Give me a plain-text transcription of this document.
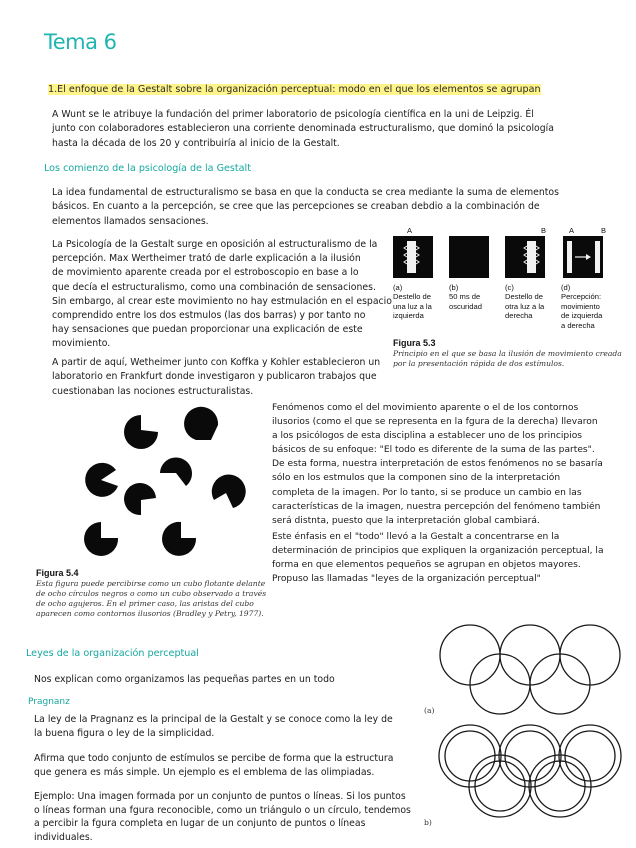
Tema 6
1.El enfoque de la Gestalt sobre la organización perceptual: modo en el que los elementos se agrupan
A Wunt se le atribuye la fundación del primer laboratorio de psicología científica en la uni de Leipzig. Él
junto con colaboradores establecieron una corriente denominada estructuralismo, que dominó la psicología
hasta la década de los 20 y contribuiría al inicio de la Gestalt.
Los comienzo de la psicología de la Gestalt
La idea fundamental de estructuralismo se basa en que la conducta se crea mediante la suma de elementos
básicos. En cuanto a la percepción, se cree que las percepciones se creaban debdio a la combinación de
elementos llamados sensaciones.
La Psicología de la Gestalt surge en oposición al estructuralismo de la
percepción. Max Wertheimer trató de darle explicación a la ilusión
de movimiento aparente creada por el estroboscopio en base a lo
que decía el estructuralismo, como una combinación de sensaciones.
Sin embargo, al crear este movimiento no hay estmulación en el espacio
comprendido entre los dos estmulos (las dos barras) y por tanto no
hay sensaciones que puedan proporcionar una explicación de este
movimiento.
A partir de aquí, Wetheimer junto con Koffka y Kohler establecieron un
laboratorio en Frankfurt donde investigaron y publicaron trabajos que
cuestionaban las nociones estructuralistas.
A	B	A	B
(a)
Destello de
una luz a la
izquierda
(b)
50 ms de
oscuridad
(c)
Destello de
otra luz a la
derecha
(d)
Percepción:
movimiento
de izquierda
a derecha
Figura 5.3
Principio en el que se basa la ilusión de movimiento creada
por la presentación rápida de dos estímulos.
Figura 5.4
Esta figura puede percibirse como un cubo flotante delante
de ocho círculos negros o como un cubo observado a través
de ocho agujeros. En el primer caso, las aristas del cubo
aparecen como contornos ilusorios (Bradley y Petry, 1977).
Fenómenos como el del movimiento aparente o el de los contornos
ilusorios (como el que se representa en la fgura de la derecha) llevaron
a los psicólogos de esta disciplina a establecer uno de los principios
básicos de su enfoque: "El todo es diferente de la suma de las partes".
De esta forma, nuestra interpretación de estos fenómenos no se basaría
sólo en los estmulos que la componen sino de la interpretación
completa de la imagen. Por lo tanto, si se produce un cambio en las
características de la imagen, nuestra percepción del fenómeno también
será distnta, puesto que la interpretación global cambiará.
Este énfasis en el "todo" llevó a la Gestalt a concentrarse en la
determinación de principios que expliquen la organización perceptual, la
forma en que elementos pequeños se agrupan en objetos mayores.
Propuso las llamadas "leyes de la organización perceptual"
Leyes de la organización perceptual
Nos explican como organizamos las pequeñas partes en un todo
Pragnanz
La ley de la Pragnanz es la principal de la Gestalt y se conoce como la ley de
la buena figura o ley de la simplicidad.
Afirma que todo conjunto de estímulos se percibe de forma que la estructura
que genera es más simple. Un ejemplo es el emblema de las olimpiadas.
Ejemplo: Una imagen formada por un conjunto de puntos o líneas. Si los puntos
o líneas forman una fgura reconocible, como un triángulo o un círculo, tendemos
a percibir la fgura completa en lugar de un conjunto de puntos o líneas
individuales.
(a)
b)
